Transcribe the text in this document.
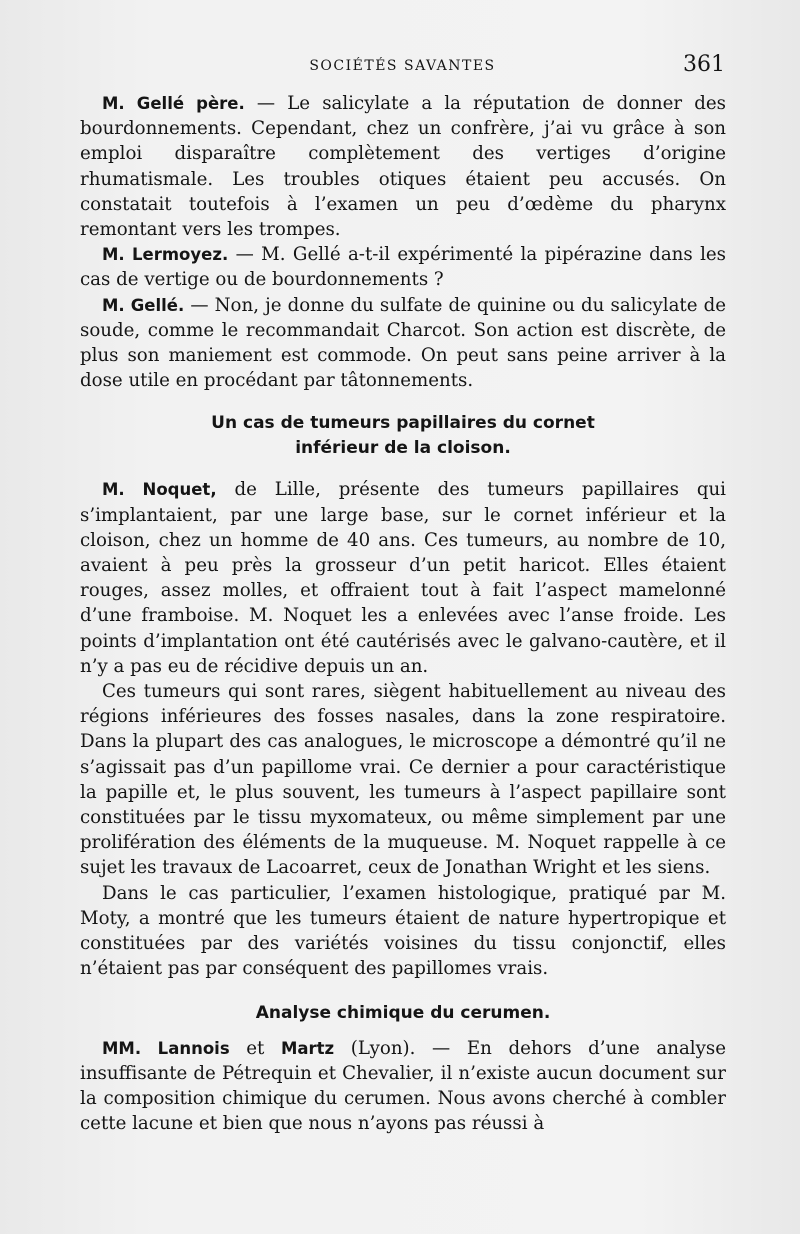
SOCIÉTÉS SAVANTES	361

M. Gellé père. — Le salicylate a la réputation de donner des bourdonnements. Cependant, chez un confrère, j’ai vu grâce à son emploi disparaître complètement des vertiges d’origine rhumatismale. Les troubles otiques étaient peu accusés. On constatait toutefois à l’examen un peu d’œdème du pharynx remontant vers les trompes.

M. Lermoyez. — M. Gellé a-t-il expérimenté la pipérazine dans les cas de vertige ou de bourdonnements ?

M. Gellé. — Non, je donne du sulfate de quinine ou du salicylate de soude, comme le recommandait Charcot. Son action est discrète, de plus son maniement est commode. On peut sans peine arriver à la dose utile en procédant par tâtonnements.

Un cas de tumeurs papillaires du cornet

inférieur de la cloison.

M. Noquet, de Lille, présente des tumeurs papillaires qui s’implantaient, par une large base, sur le cornet inférieur et la cloison, chez un homme de 40 ans. Ces tumeurs, au nombre de 10, avaient à peu près la grosseur d’un petit haricot. Elles étaient rouges, assez molles, et offraient tout à fait l’aspect mamelonné d’une framboise. M. Noquet les a enlevées avec l’anse froide. Les points d’implantation ont été cautérisés avec le galvano-cautère, et il n’y a pas eu de récidive depuis un an.

Ces tumeurs qui sont rares, siègent habituellement au niveau des régions inférieures des fosses nasales, dans la zone respiratoire. Dans la plupart des cas analogues, le microscope a démontré qu’il ne s’agissait pas d’un papillome vrai. Ce dernier a pour caractéristique la papille et, le plus souvent, les tumeurs à l’aspect papillaire sont constituées par le tissu myxomateux, ou même simplement par une prolifération des éléments de la muqueuse. M. Noquet rappelle à ce sujet les travaux de Lacoarret, ceux de Jonathan Wright et les siens.

Dans le cas particulier, l’examen histologique, pratiqué par M. Moty, a montré que les tumeurs étaient de nature hypertropique et constituées par des variétés voisines du tissu conjonctif, elles n’étaient pas par conséquent des papillomes vrais.

Analyse chimique du cerumen.

MM. Lannois et Martz (Lyon). — En dehors d’une analyse insuffisante de Pétrequin et Chevalier, il n’existe aucun document sur la composition chimique du cerumen. Nous avons cherché à combler cette lacune et bien que nous n’ayons pas réussi à
